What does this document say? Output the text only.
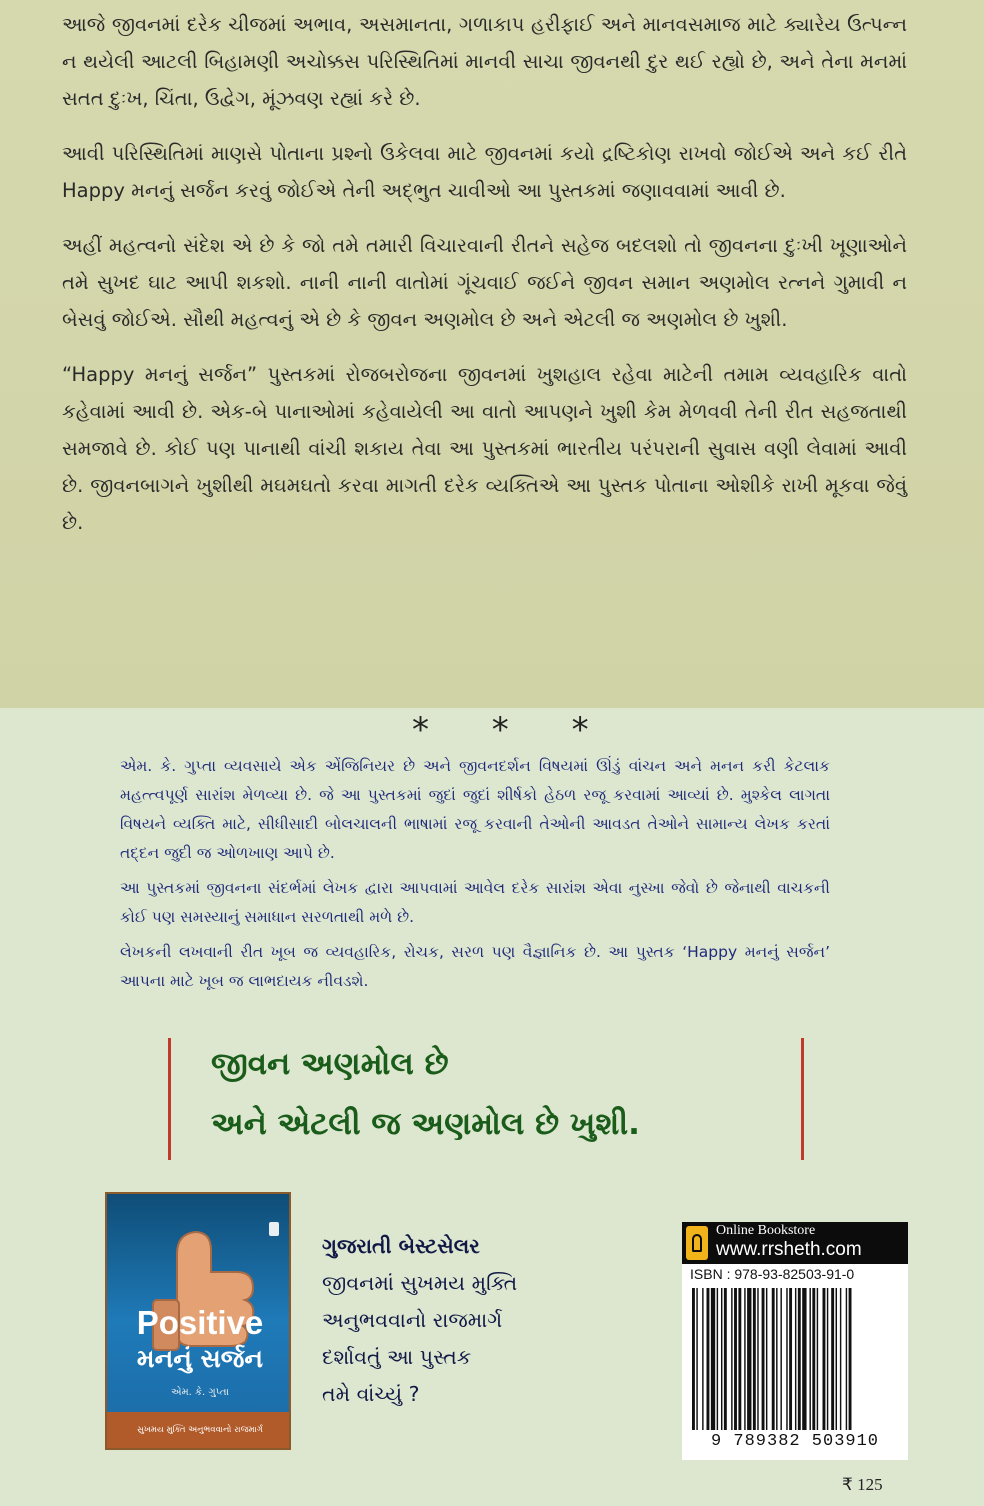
આજે જીવનમાં દરેક ચીજમાં અભાવ, અસમાનતા, ગળાકાપ હરીફાઈ અને માનવસમાજ માટે ક્યારેય ઉત્પન્ન ન થયેલી આટલી બિહામણી અચોક્કસ પરિસ્થિતિમાં માનવી સાચા જીવનથી દુર થઈ રહ્યો છે, અને તેના મનમાં સતત દુઃખ, ચિંતા, ઉદ્વેગ, મૂંઝવણ રહ્યાં કરે છે.

આવી પરિસ્થિતિમાં માણસે પોતાના પ્રશ્નો ઉકેલવા માટે જીવનમાં કયો દ્રષ્ટિકોણ રાખવો જોઈએ અને કઈ રીતે Happy મનનું સર્જન કરવું જોઈએ તેની અદ્ભુત ચાવીઓ આ પુસ્તકમાં જણાવવામાં આવી છે.

અહીં મહત્વનો સંદેશ એ છે કે જો તમે તમારી વિચારવાની રીતને સહેજ બદલશો તો જીવનના દુઃખી ખૂણાઓને તમે સુખદ ઘાટ આપી શકશો. નાની નાની વાતોમાં ગૂંચવાઈ જઈને જીવન સમાન અણમોલ રત્નને ગુમાવી ન બેસવું જોઈએ. સૌથી મહત્વનું એ છે કે જીવન અણમોલ છે અને એટલી જ અણમોલ છે ખુશી.

“Happy મનનું સર્જન” પુસ્તકમાં રોજબરોજના જીવનમાં ખુશહાલ રહેવા માટેની તમામ વ્યવહારિક વાતો કહેવામાં આવી છે. એક-બે પાનાઓમાં કહેવાયેલી આ વાતો આપણને ખુશી કેમ મેળવવી તેની રીત સહજતાથી સમજાવે છે. કોઈ પણ પાનાથી વાંચી શકાય તેવા આ પુસ્તકમાં ભારતીય પરંપરાની સુવાસ વણી લેવામાં આવી છે. જીવનબાગને ખુશીથી મઘમઘતો કરવા માગતી દરેક વ્યક્તિએ આ પુસ્તક પોતાના ઓશીકે રાખી મૂકવા જેવું છે.

* * *

એમ. કે. ગુપ્તા વ્યવસાયે એક એંજિનિયર છે અને જીવનદર્શન વિષયમાં ઊંડું વાંચન અને મનન કરી કેટલાક મહત્ત્વપૂર્ણ સારાંશ મેળવ્યા છે. જે આ પુસ્તકમાં જુદાં જુદાં શીર્ષકો હેઠળ રજૂ કરવામાં આવ્યાં છે. મુશ્કેલ લાગતા વિષયને વ્યક્તિ માટે, સીધીસાદી બોલચાલની ભાષામાં રજૂ કરવાની તેઓની આવડત તેઓને સામાન્ય લેખક કરતાં તદ્દન જુદી જ ઓળખાણ આપે છે.

આ પુસ્તકમાં જીવનના સંદર્ભમાં લેખક દ્વારા આપવામાં આવેલ દરેક સારાંશ એવા નુસ્ખા જેવો છે જેનાથી વાચકની કોઈ પણ સમસ્યાનું સમાધાન સરળતાથી મળે છે.

લેખકની લખવાની રીત ખૂબ જ વ્યવહારિક, રોચક, સરળ પણ વૈજ્ઞાનિક છે. આ પુસ્તક ‘Happy મનનું સર્જન’ આપના માટે ખૂબ જ લાભદાયક નીવડશે.

જીવન અણમોલ છે
અને એટલી જ અણમોલ છે ખુશી.
Positive
મનનું સર્જન
એમ. કે. ગુપ્તા
સુખમય મુક્તિ અનુભવવાનો રાજમાર્ગ
ગુજરાતી બેસ્ટસેલર
જીવનમાં સુખમય મુક્તિ
અનુભવવાનો રાજમાર્ગ
દર્શાવતું આ પુસ્તક
તમે વાંચ્યું ?
Online Bookstore
www.rrsheth.com
ISBN : 978-93-82503-91-0
9 789382 503910
₹ 125
